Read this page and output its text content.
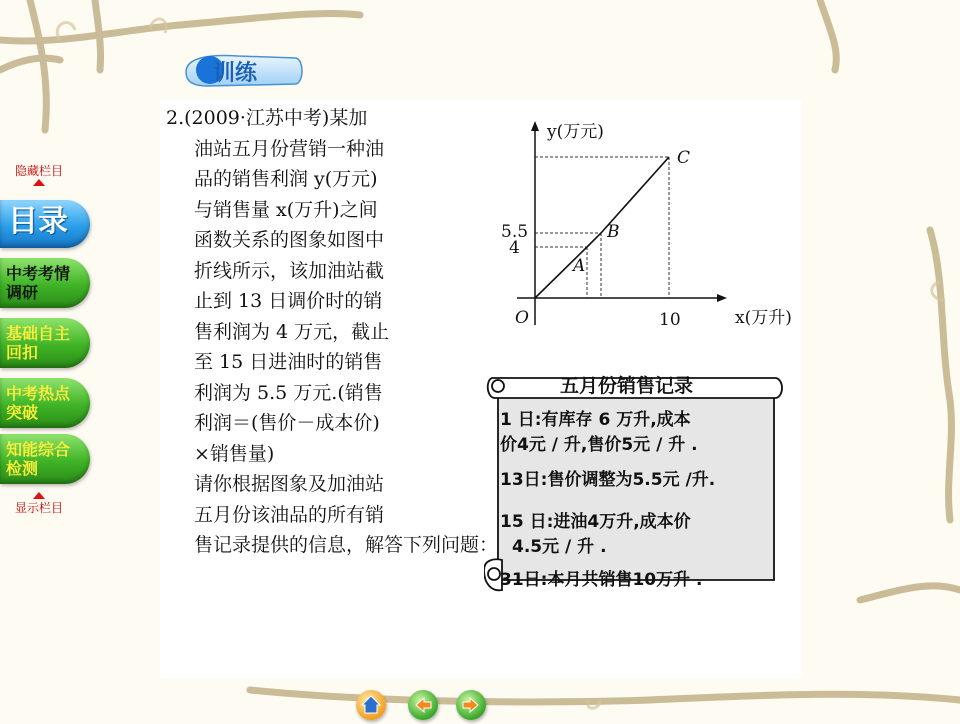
隐藏栏目
目录
中考考情调研
基础自主回扣
中考热点突破
知能综合检测
显示栏目
训练

2.(2009·江苏中考)某加

油站五月份营销一种油

品的销售利润 y(万元)

与销售量 x(万升)之间

函数关系的图象如图中

折线所示，该加油站截

止到 13 日调价时的销

售利润为 4 万元，截止

至 15 日进油时的销售

利润为 5.5 万元.(销售

利润＝(售价－成本价)

×销售量)

请你根据图象及加油站

五月份该油品的所有销

售记录提供的信息，解答下列问题：

y(万元)
x(万升)
O
5.5
4
10
A
B
C
五月份销售记录
1 日:有库存 6 万升,成本
价4元 / 升,售价5元 / 升 .
13日:售价调整为5.5元 /升.
15 日:进油4万升,成本价
4.5元 / 升 .
31日:本月共销售10万升 .
